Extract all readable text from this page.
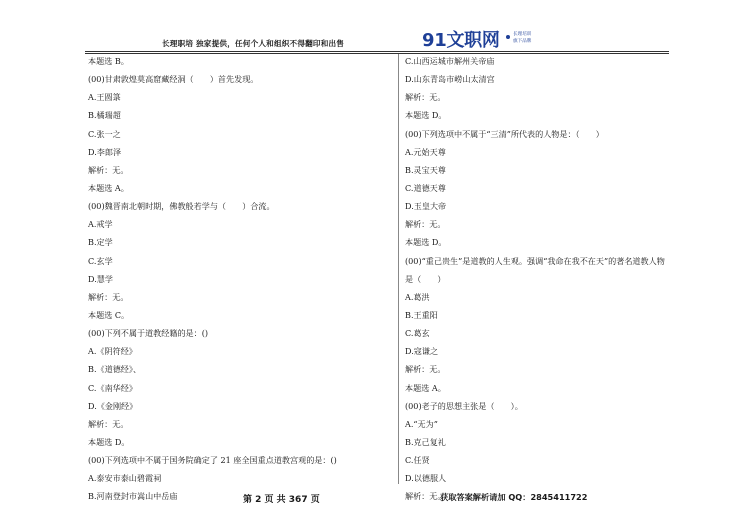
长理职培 独家提供，任何个人和组织不得翻印和出售	91文职网	长理培训
旗下品牌
本题选 B。
(00)甘肃敦煌莫高窟藏经洞（　　）首先发现。
A.王圆箓
B.橘瑞超
C.张一之
D.李郎泽
解析：无。
本题选 A。
(00)魏晋南北朝时期，佛教般若学与（　　）合流。
A.戒学
B.定学
C.玄学
D.慧学
解析：无。
本题选 C。
(00)下列不属于道教经籍的是：()
A.《阴符经》
B.《道德经》、
C.《南华经》
D.《金刚经》
解析：无。
本题选 D。
(00)下列选项中不属于国务院确定了 21 座全国重点道教宫观的是：()
A.泰安市泰山碧霞祠
B.河南登封市嵩山中岳庙
C.山西运城市解州关帝庙
D.山东青岛市崂山太清宫
解析：无。
本题选 D。
(00)下列选项中不属于“三清”所代表的人物是：（　　）
A.元始天尊
B.灵宝天尊
C.道德天尊
D.玉皇大帝
解析：无。
本题选 D。
(00)“重己贵生”是道教的人生观。强调“我命在我不在天”的著名道教人物
是（　　）
A.葛洪
B.王重阳
C.葛玄
D.寇谦之
解析：无。
本题选 A。
(00)老子的思想主张是（　　）。
A.“无为”
B.克己复礼
C.任贤
D.以德服人
解析：无。
第 2 页 共 367 页	获取答案解析请加 QQ：2845411722
